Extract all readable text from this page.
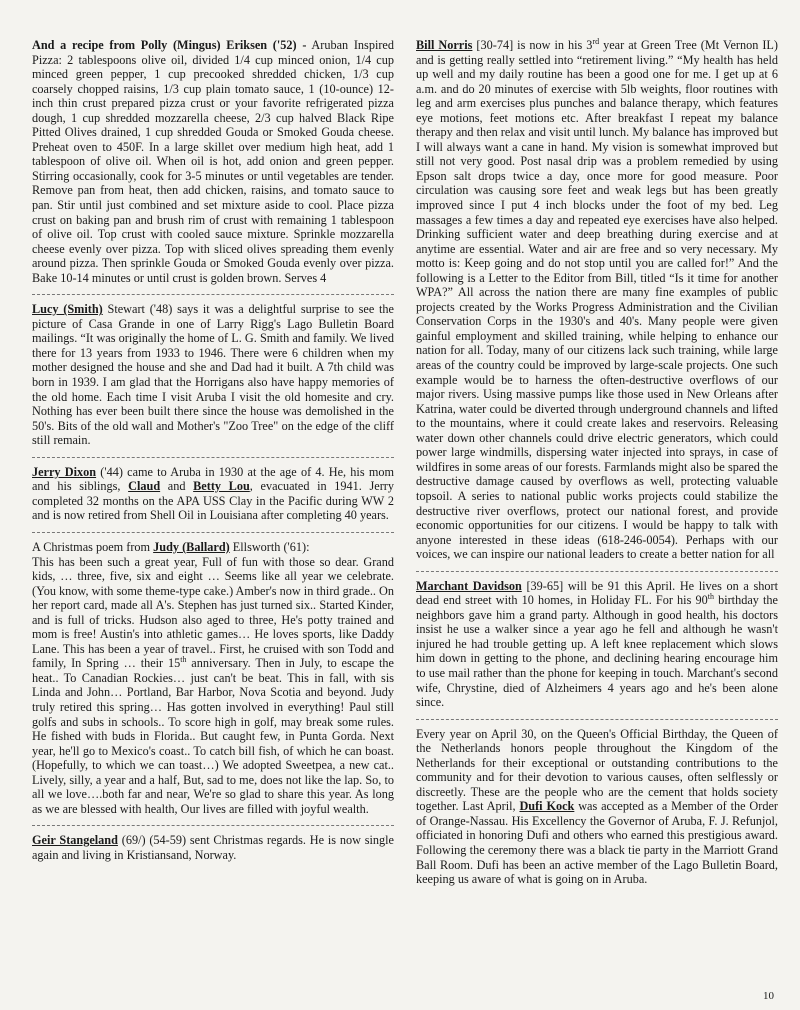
And a recipe from Polly (Mingus) Eriksen ('52) - Aruban Inspired Pizza: 2 tablespoons olive oil, divided 1/4 cup minced onion, 1/4 cup minced green pepper, 1 cup precooked shredded chicken, 1/3 cup coarsely chopped raisins, 1/3 cup plain tomato sauce, 1 (10-ounce) 12-inch thin crust prepared pizza crust or your favorite refrigerated pizza dough, 1 cup shredded mozzarella cheese, 2/3 cup halved Black Ripe Pitted Olives drained, 1 cup shredded Gouda or Smoked Gouda cheese. Preheat oven to 450F. In a large skillet over medium high heat, add 1 tablespoon of olive oil. When oil is hot, add onion and green pepper. Stirring occasionally, cook for 3-5 minutes or until vegetables are tender. Remove pan from heat, then add chicken, raisins, and tomato sauce to pan. Stir until just combined and set mixture aside to cool. Place pizza crust on baking pan and brush rim of crust with remaining 1 tablespoon of olive oil. Top crust with cooled sauce mixture. Sprinkle mozzarella cheese evenly over pizza. Top with sliced olives spreading them evenly around pizza. Then sprinkle Gouda or Smoked Gouda evenly over pizza. Bake 10-14 minutes or until crust is golden brown. Serves 4

Lucy (Smith) Stewart ('48) says it was a delightful surprise to see the picture of Casa Grande in one of Larry Rigg's Lago Bulletin Board mailings. “It was originally the home of L. G. Smith and family. We lived there for 13 years from 1933 to 1946. There were 6 children when my mother designed the house and she and Dad had it built. A 7th child was born in 1939. I am glad that the Horrigans also have happy memories of the old home. Each time I visit Aruba I visit the old homesite and cry. Nothing has ever been built there since the house was demolished in the 50's. Bits of the old wall and Mother's "Zoo Tree" on the edge of the cliff still remain.

Jerry Dixon ('44) came to Aruba in 1930 at the age of 4. He, his mom and his siblings, Claud and Betty Lou, evacuated in 1941. Jerry completed 32 months on the APA USS Clay in the Pacific during WW 2 and is now retired from Shell Oil in Louisiana after completing 40 years.

A Christmas poem from Judy (Ballard) Ellsworth ('61):

This has been such a great year, Full of fun with those so dear. Grand kids, … three, five, six and eight … Seems like all year we celebrate. (You know, with some theme-type cake.) Amber's now in third grade.. On her report card, made all A's. Stephen has just turned six.. Started Kinder, and is full of tricks. Hudson also aged to three, He's potty trained and mom is free! Austin's into athletic games… He loves sports, like Daddy Lane. This has been a year of travel.. First, he cruised with son Todd and family, In Spring … their 15th anniversary. Then in July, to escape the heat.. To Canadian Rockies… just can't be beat. This in fall, with sis Linda and John… Portland, Bar Harbor, Nova Scotia and beyond. Judy truly retired this spring… Has gotten involved in everything! Paul still golfs and subs in schools.. To score high in golf, may break some rules. He fished with buds in Florida.. But caught few, in Punta Gorda. Next year, he'll go to Mexico's coast.. To catch bill fish, of which he can boast. (Hopefully, to which we can toast…) We adopted Sweetpea, a new cat.. Lively, silly, a year and a half, But, sad to me, does not like the lap. So, to all we love….both far and near, We're so glad to share this year. As long as we are blessed with health, Our lives are filled with joyful wealth.

Geir Stangeland (69/) (54-59) sent Christmas regards. He is now single again and living in Kristiansand, Norway.

Bill Norris [30-74] is now in his 3rd year at Green Tree (Mt Vernon IL) and is getting really settled into “retirement living.” “My health has held up well and my daily routine has been a good one for me. I get up at 6 a.m. and do 20 minutes of exercise with 5lb weights, floor routines with leg and arm exercises plus punches and balance therapy, which features eye motions, feet motions etc. After breakfast I repeat my balance therapy and then relax and visit until lunch. My balance has improved but I will always want a cane in hand. My vision is somewhat improved but still not very good. Post nasal drip was a problem remedied by using Epson salt drops twice a day, once more for good measure. Poor circulation was causing sore feet and weak legs but has been greatly improved since I put 4 inch blocks under the foot of my bed. Leg massages a few times a day and repeated eye exercises have also helped. Drinking sufficient water and deep breathing during exercise and at anytime are essential. Water and air are free and so very necessary. My motto is: Keep going and do not stop until you are called for!” And the following is a Letter to the Editor from Bill, titled “Is it time for another WPA?” All across the nation there are many fine examples of public projects created by the Works Progress Administration and the Civilian Conservation Corps in the 1930's and 40's. Many people were given gainful employment and skilled training, while helping to enhance our nation for all. Today, many of our citizens lack such training, while large areas of the country could be improved by large-scale projects. One such example would be to harness the often-destructive overflows of our major rivers. Using massive pumps like those used in New Orleans after Katrina, water could be diverted through underground channels and lifted to the mountains, where it could create lakes and reservoirs. Releasing water down other channels could drive electric generators, which could power large windmills, dispersing water injected into sprays, in case of wildfires in some areas of our forests. Farmlands might also be spared the destructive damage caused by overflows as well, protecting valuable topsoil. A series to national public works projects could stabilize the destructive river overflows, protect our national forest, and provide economic opportunities for our citizens. I would be happy to talk with anyone interested in these ideas (618-246-0054). Perhaps with our voices, we can inspire our national leaders to create a better nation for all

Marchant Davidson [39-65] will be 91 this April. He lives on a short dead end street with 10 homes, in Holiday FL. For his 90th birthday the neighbors gave him a grand party. Although in good health, his doctors insist he use a walker since a year ago he fell and although he wasn't injured he had trouble getting up. A left knee replacement which slows him down in getting to the phone, and declining hearing encourage him to use mail rather than the phone for keeping in touch. Marchant's second wife, Chrystine, died of Alzheimers 4 years ago and he's been alone since.

Every year on April 30, on the Queen's Official Birthday, the Queen of the Netherlands honors people throughout the Kingdom of the Netherlands for their exceptional or outstanding contributions to the community and for their devotion to various causes, often selflessly or discreetly. These are the people who are the cement that holds society together. Last April, Dufi Kock was accepted as a Member of the Order of Orange-Nassau. His Excellency the Governor of Aruba, F. J. Refunjol, officiated in honoring Dufi and others who earned this prestigious award. Following the ceremony there was a black tie party in the Marriott Grand Ball Room. Dufi has been an active member of the Lago Bulletin Board, keeping us aware of what is going on in Aruba.

10
